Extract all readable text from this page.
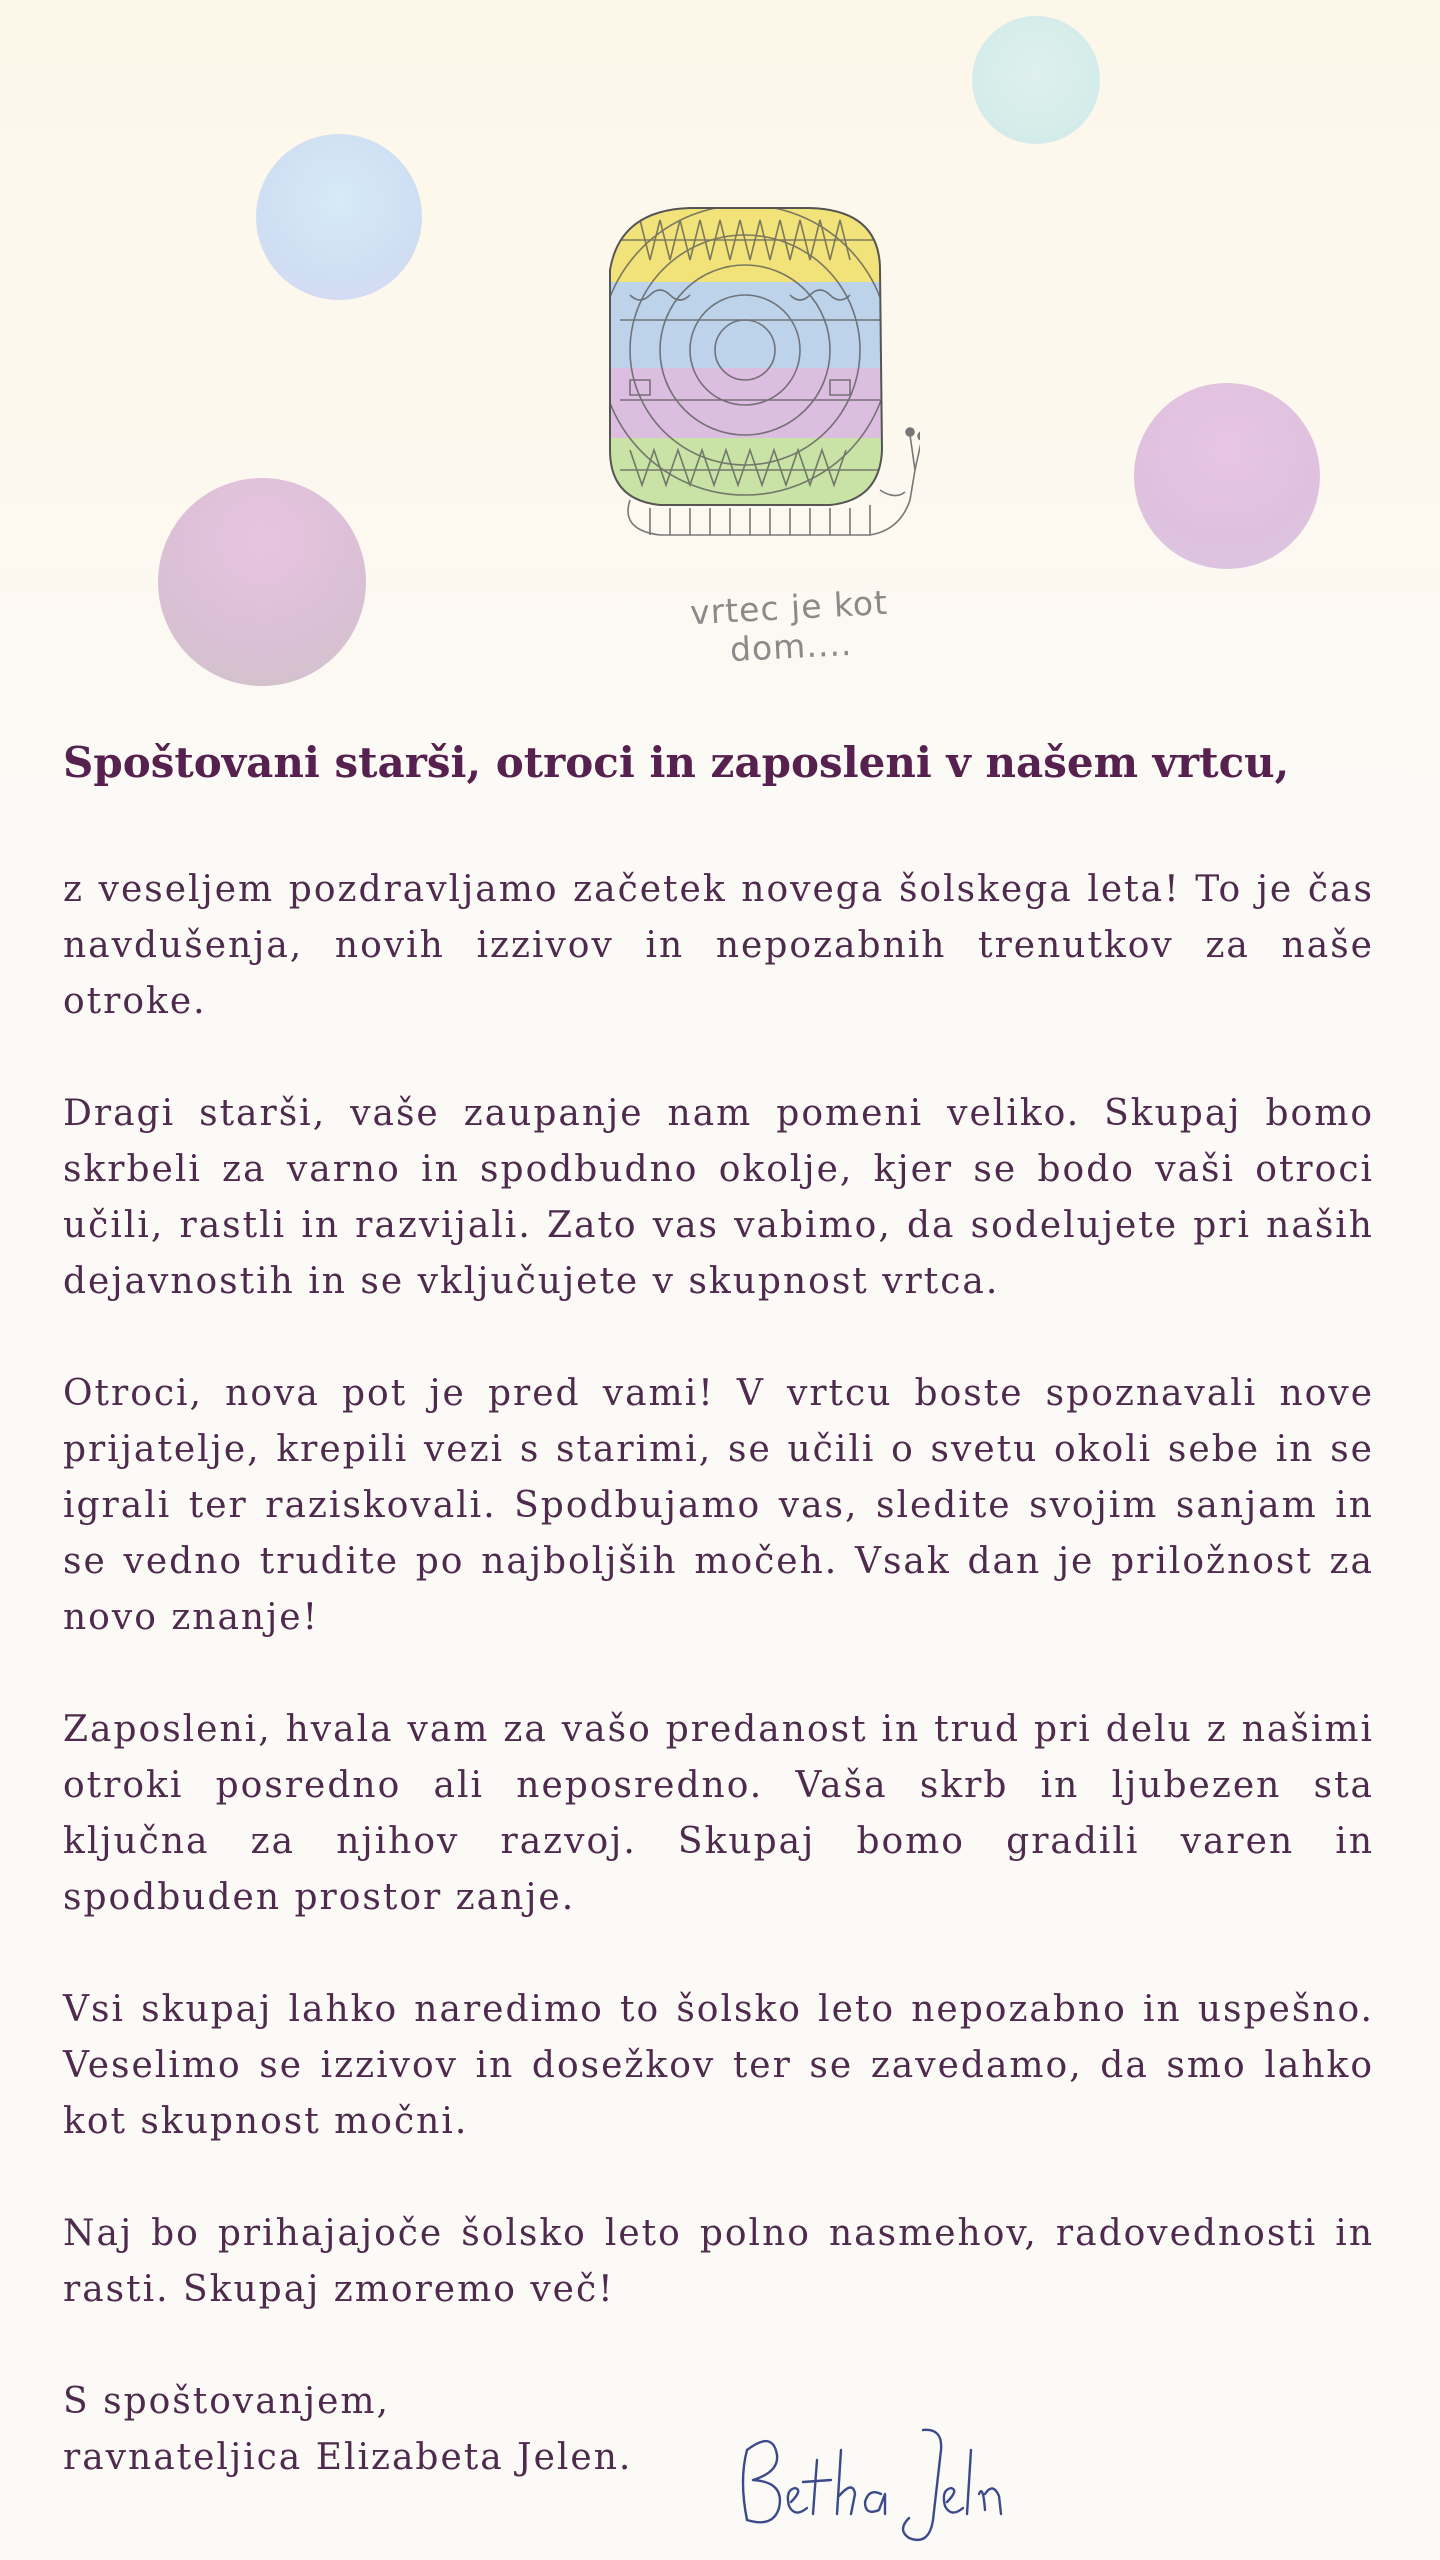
vrtec je kot dom....
Spoštovani starši, otroci in zaposleni v našem vrtcu,

z veseljem pozdravljamo začetek novega šolskega leta! To je čas navdušenja, novih izzivov in nepozabnih trenutkov za naše otroke.

Dragi starši, vaše zaupanje nam pomeni veliko. Skupaj bomo skrbeli za varno in spodbudno okolje, kjer se bodo vaši otroci učili, rastli in razvijali. Zato vas vabimo, da sodelujete pri naših dejavnostih in se vključujete v skupnost vrtca.

Otroci, nova pot je pred vami! V vrtcu boste spoznavali nove prijatelje, krepili vezi s starimi, se učili o svetu okoli sebe in se igrali ter raziskovali. Spodbujamo vas, sledite svojim sanjam in se vedno trudite po najboljših močeh. Vsak dan je priložnost za novo znanje!

Zaposleni, hvala vam za vašo predanost in trud pri delu z našimi otroki posredno ali neposredno. Vaša skrb in ljubezen sta ključna za njihov razvoj. Skupaj bomo gradili varen in spodbuden prostor zanje.

Vsi skupaj lahko naredimo to šolsko leto nepozabno in uspešno. Veselimo se izzivov in dosežkov ter se zavedamo, da smo lahko kot skupnost močni.

Naj bo prihajajoče šolsko leto polno nasmehov, radovednosti in rasti. Skupaj zmoremo več!

S spoštovanjem,
ravnateljica Elizabeta Jelen.
